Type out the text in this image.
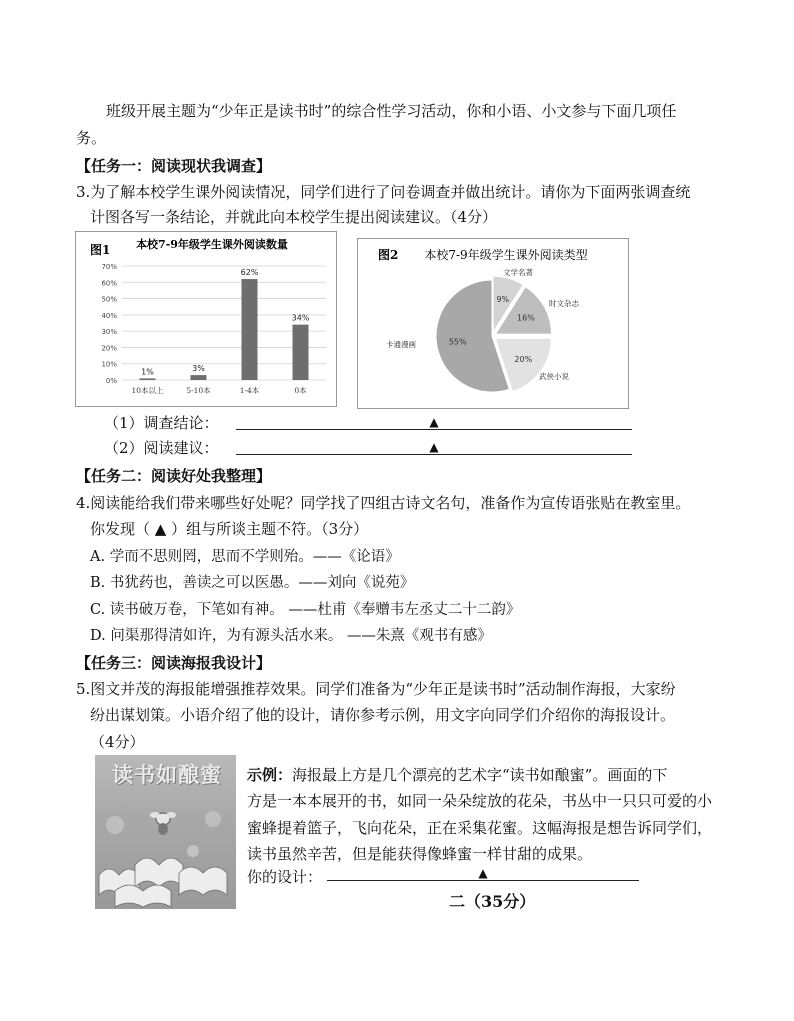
班级开展主题为“少年正是读书时”的综合性学习活动，你和小语、小文参与下面几项任
务。
【任务一：阅读现状我调查】
3.为了解本校学生课外阅读情况，同学们进行了问卷调查并做出统计。请你为下面两张调查统
计图各写一条结论，并就此向本校学生提出阅读建议。（4分）
图1 本校7-9年级学生课外阅读数量
0%
10%
20%
30%
40%
50%
60%
70%
1%
10本以上
3%
5-10本
62%
1-4本
34%
0本
图2 本校7-9年级学生课外阅读类型
9%
文学名著
16%
时文杂志
20%
武侠小说
55%
卡通漫画
（1）调查结论：	▲
（2）阅读建议：	▲
【任务二：阅读好处我整理】
4.阅读能给我们带来哪些好处呢？同学找了四组古诗文名句，准备作为宣传语张贴在教室里。
你发现（ ▲ ）组与所谈主题不符。（3分）
A. 学而不思则罔，思而不学则殆。——《论语》
B. 书犹药也，善读之可以医愚。——刘向《说苑》
C. 读书破万卷，下笔如有神。 ——杜甫《奉赠韦左丞丈二十二韵》
D. 问渠那得清如许，为有源头活水来。 ——朱熹《观书有感》
【任务三：阅读海报我设计】
5.图文并茂的海报能增强推荐效果。同学们准备为“少年正是读书时”活动制作海报，大家纷
纷出谋划策。小语介绍了他的设计，请你参考示例，用文字向同学们介绍你的海报设计。
（4分）
读书如酿蜜	示例：海报最上方是几个漂亮的艺术字“读书如酿蜜”。画面的下
方是一本本展开的书，如同一朵朵绽放的花朵，书丛中一只只可爱的小
蜜蜂提着篮子，飞向花朵，正在采集花蜜。这幅海报是想告诉同学们，
读书虽然辛苦，但是能获得像蜂蜜一样甘甜的成果。
你的设计：	▲
二（35分）
